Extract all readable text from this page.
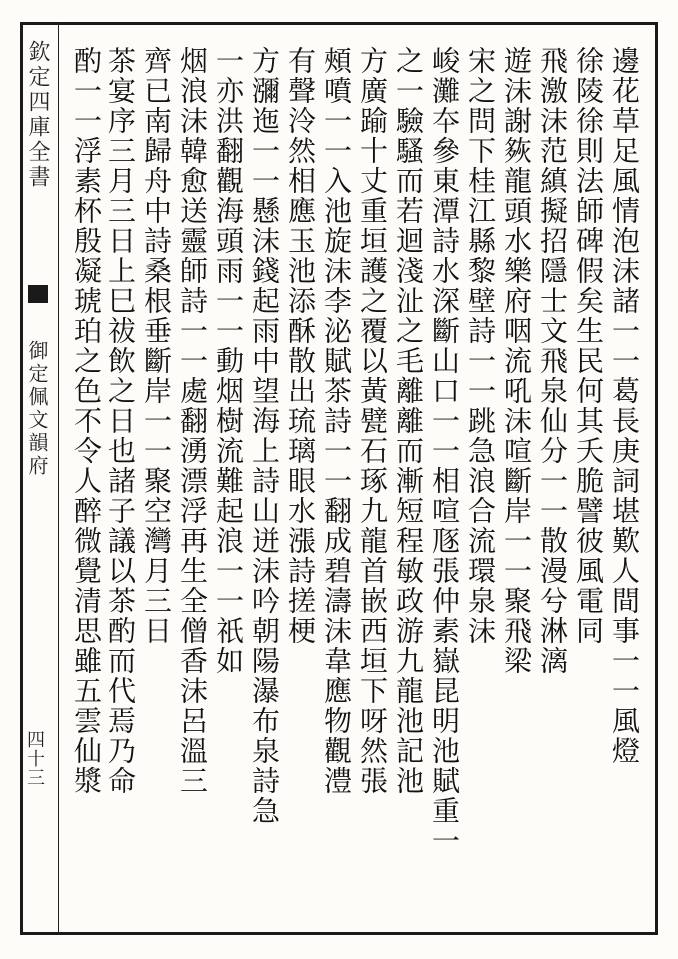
欽定四庫全書
御定佩文韻府
四十三	邊花草足風情泡沫諸一一葛長庚詞堪歎人間事一一風燈
徐陵徐則法師碑假矣生民何其夭脆譬彼風電同
飛激沫范縝擬招隱士文飛泉仙分一一散漫兮淋漓
遊沫謝㷇龍頭水樂府咽流吼沫喧斷岸一一聚飛梁
宋之問下桂江縣黎壁詩一一跳急浪合流環泉沫
峻灘夲參東潭詩水深斷山口一一相喧豗張仲素嶽昆明池賦重一
之一驗騷而若迴淺沚之毛離離而漸短程敏政游九龍池記池
方廣踰十丈重垣護之覆以黃甓石琢九龍首嵌西垣下呀然張
頰噴一一入池旋沫李泌賦茶詩一一翻成碧濤沫韋應物觀澧
有聲泠然相應玉池添酥散出琉璃眼水漲詩搓梗
方瀰迤一一懸沫錢起雨中望海上詩山迸沫吟朝陽瀑布泉詩急
一亦洪翻觀海頭雨一一動烟樹流難起浪一一祇如
烟浪沫韓愈送靈師詩一一處翻湧漂浮再生全僧香沫呂溫三
齊已南歸舟中詩桑根垂斷岸一一聚空灣月三日
茶宴序三月三日上巳祓飲之日也諸子議以茶酌而代焉乃命
酌一一浮素杯殷凝琥珀之色不令人醉微覺清思雖五雲仙漿
